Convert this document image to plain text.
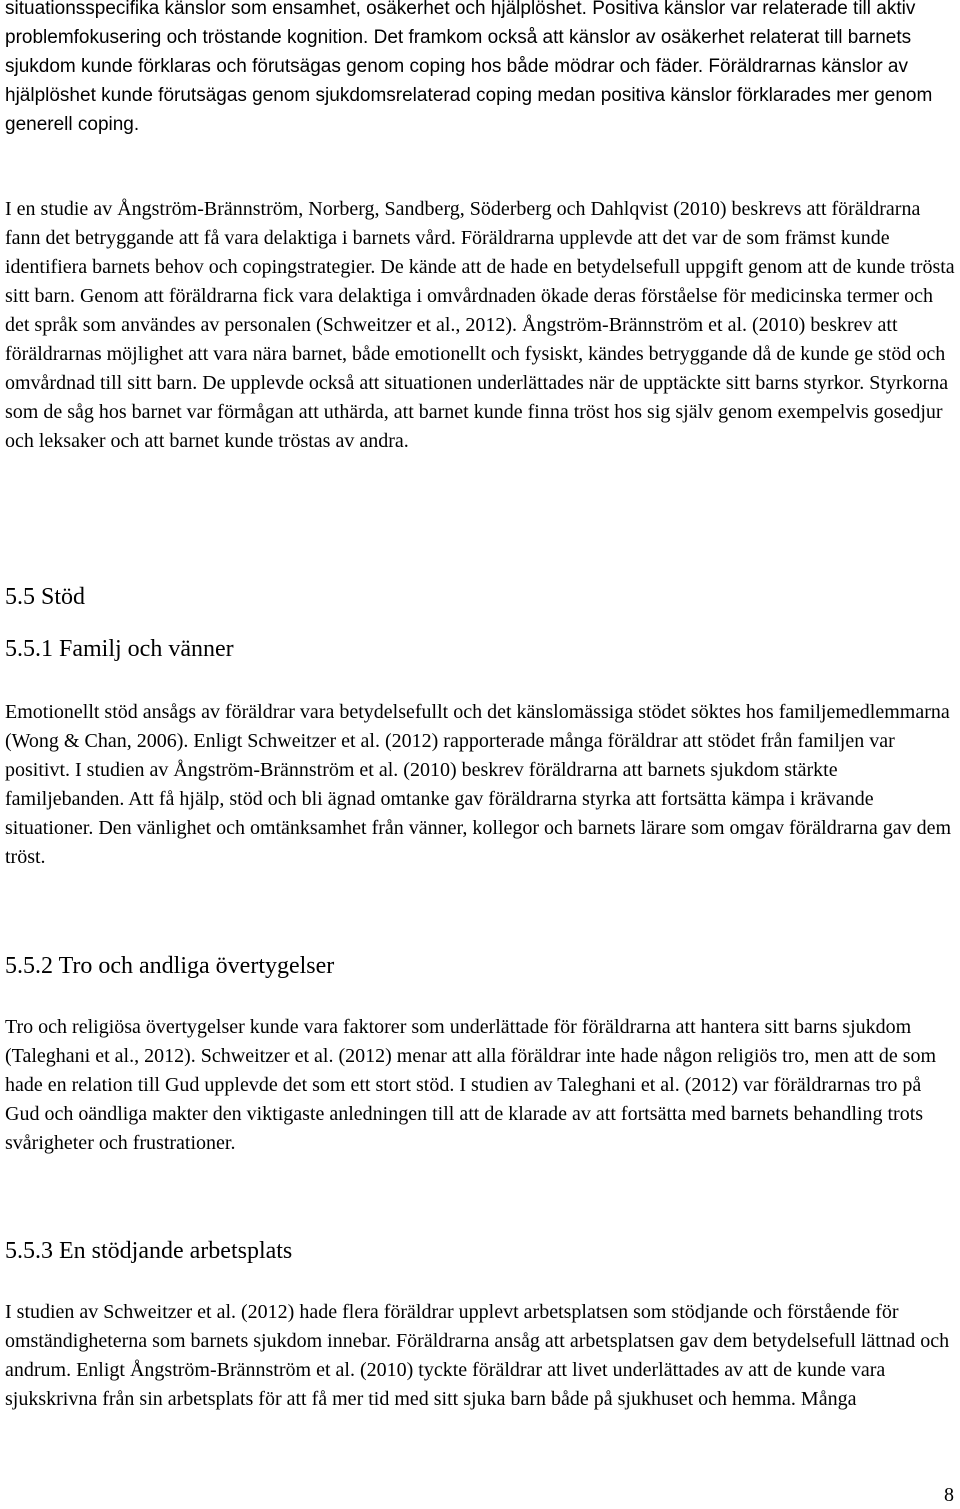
situationsspecifika känslor som ensamhet, osäkerhet och hjälplöshet. Positiva känslor var relaterade till aktiv problemfokusering och tröstande kognition. Det framkom också att känslor av osäkerhet relaterat till barnets sjukdom kunde förklaras och förutsägas genom coping hos både mödrar och fäder. Föräldrarnas känslor av hjälplöshet kunde förutsägas genom sjukdomsrelaterad coping medan positiva känslor förklarades mer genom generell coping.

I en studie av Ångström-Brännström, Norberg, Sandberg, Söderberg och Dahlqvist (2010) beskrevs att föräldrarna fann det betryggande att få vara delaktiga i barnets vård. Föräldrarna upplevde att det var de som främst kunde identifiera barnets behov och copingstrategier. De kände att de hade en betydelsefull uppgift genom att de kunde trösta sitt barn. Genom att föräldrarna fick vara delaktiga i omvårdnaden ökade deras förståelse för medicinska termer och det språk som användes av personalen (Schweitzer et al., 2012). Ångström-Brännström et al. (2010) beskrev att föräldrarnas möjlighet att vara nära barnet, både emotionellt och fysiskt, kändes betryggande då de kunde ge stöd och omvårdnad till sitt barn. De upplevde också att situationen underlättades när de upptäckte sitt barns styrkor. Styrkorna som de såg hos barnet var förmågan att uthärda, att barnet kunde finna tröst hos sig själv genom exempelvis gosedjur och leksaker och att barnet kunde tröstas av andra.

5.5 Stöd
5.5.1 Familj och vänner

Emotionellt stöd ansågs av föräldrar vara betydelsefullt och det känslomässiga stödet söktes hos familjemedlemmarna (Wong & Chan, 2006). Enligt Schweitzer et al. (2012) rapporterade många föräldrar att stödet från familjen var positivt. I studien av Ångström-Brännström et al. (2010) beskrev föräldrarna att barnets sjukdom stärkte familjebanden. Att få hjälp, stöd och bli ägnad omtanke gav föräldrarna styrka att fortsätta kämpa i krävande situationer. Den vänlighet och omtänksamhet från vänner, kollegor och barnets lärare som omgav föräldrarna gav dem tröst.

5.5.2 Tro och andliga övertygelser

Tro och religiösa övertygelser kunde vara faktorer som underlättade för föräldrarna att hantera sitt barns sjukdom (Taleghani et al., 2012). Schweitzer et al. (2012) menar att alla föräldrar inte hade någon religiös tro, men att de som hade en relation till Gud upplevde det som ett stort stöd. I studien av Taleghani et al. (2012) var föräldrarnas tro på Gud och oändliga makter den viktigaste anledningen till att de klarade av att fortsätta med barnets behandling trots svårigheter och frustrationer.

5.5.3 En stödjande arbetsplats

I studien av Schweitzer et al. (2012) hade flera föräldrar upplevt arbetsplatsen som stödjande och förstående för omständigheterna som barnets sjukdom innebar. Föräldrarna ansåg att arbetsplatsen gav dem betydelsefull lättnad och andrum. Enligt Ångström-Brännström et al. (2010) tyckte föräldrar att livet underlättades av att de kunde vara sjukskrivna från sin arbetsplats för att få mer tid med sitt sjuka barn både på sjukhuset och hemma. Många

8
